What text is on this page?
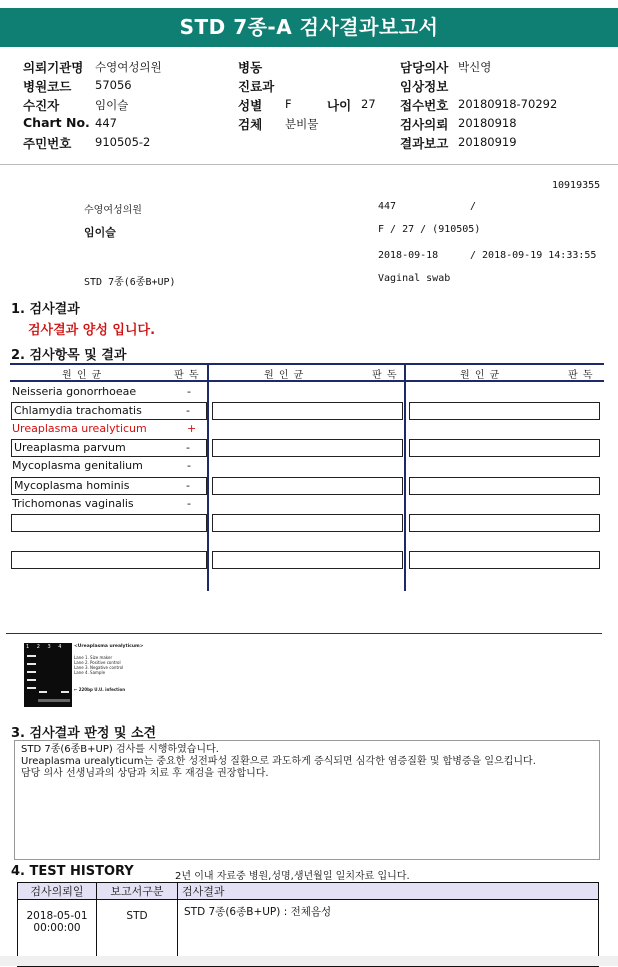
STD 7종-A 검사결과보고서
의뢰기관명 수영여성의원
병원코드 57056
수진자	임이슬
Chart No. 447
주민번호 910505-2
병동
진료과
성별 F	나이 27
검체 분비물
담당의사 박신영
임상정보
접수번호 20180918-70292
검사의뢰 20180918
결과보고 20180919
10919355
수영여성의원	447	/
임이슬	F / 27 / (910505)
2018-09-18	/ 2018-09-19 14:33:55
STD 7종(6종B+UP)	Vaginal swab
1. 검사결과
검사결과 양성 입니다.
2. 검사항목 및 결과
원 인 균	판 독	원 인 균	판 독	원 인 균	판 독
Neisseria gonorrhoeae	-
Chlamydia trachomatis	-
Ureaplasma urealyticum	+
Ureaplasma parvum	-
Mycoplasma genitalium	-
Mycoplasma hominis	-
Trichomonas vaginalis	-
1 2 3 4 <Ureaplasma urealyticum>
Lane 1. Size maker
Lane 2. Positive control
Lane 3. Negative control
Lane 4. Sample
← 220bp U.U. infection
3. 검사결과 판정 및 소견
STD 7종(6종B+UP) 검사를 시행하였습니다.
Ureaplasma urealyticum는 중요한 성전파성 질환으로 과도하게 증식되면 심각한 염증질환 및 합병증을 일으킵니다.
담당 의사 선생님과의 상담과 치료 후 재검을 권장합니다.
4. TEST HISTORY	2년 이내 자료중 병원,성명,생년월일 일치자료 입니다.
검사의뢰일	보고서구분	검사결과

2018-05-01
00:00:00	STD	STD 7종(6종B+UP) : 전체음성
